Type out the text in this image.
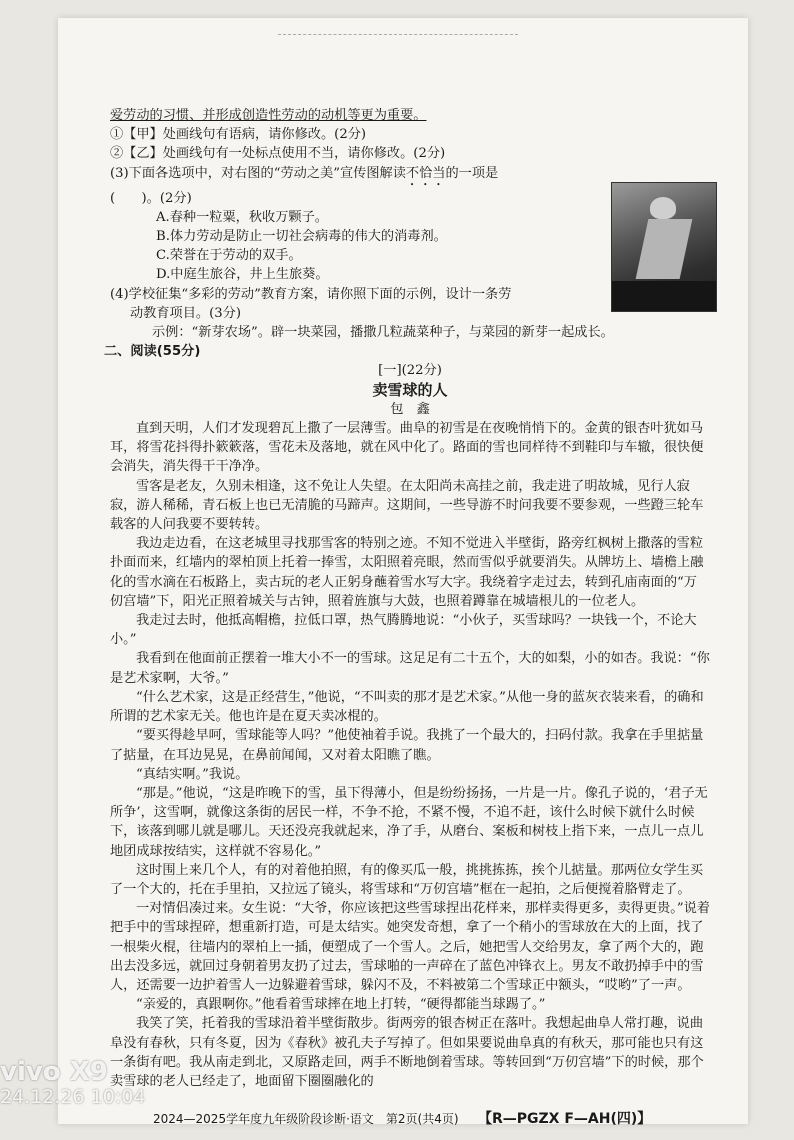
爱劳动的习惯、并形成创造性劳动的动机等更为重要。

①【甲】处画线句有语病，请你修改。(2分)

②【乙】处画线句有一处标点使用不当，请你修改。(2分)

(3)下面各选项中，对右图的“劳动之美”宣传图解读不恰当的一项是

(　　)。(2分)

A.春种一粒粟，秋收万颗子。

B.体力劳动是防止一切社会病毒的伟大的消毒剂。

C.荣誉在于劳动的双手。

D.中庭生旅谷，井上生旅葵。

(4)学校征集“多彩的劳动”教育方案，请你照下面的示例，设计一条劳

动教育项目。(3分)

示例：“新芽农场”。辟一块菜园，播撒几粒蔬菜种子，与菜园的新芽一起成长。

二、阅读(55分)

[一](22分)

卖雪球的人

包　鑫

直到天明，人们才发现碧瓦上撒了一层薄雪。曲阜的初雪是在夜晚悄悄下的。金黄的银杏叶犹如马耳，将雪花抖得扑簌簌落，雪花未及落地，就在风中化了。路面的雪也同样待不到鞋印与车辙，很快便会消失，消失得干干净净。

雪客是老友，久别未相逢，这不免让人失望。在太阳尚未高挂之前，我走进了明故城，见行人寂寂，游人稀稀，青石板上也已无清脆的马蹄声。这期间，一些导游不时问我要不要参观，一些蹬三轮车载客的人问我要不要转转。

我边走边看，在这老城里寻找那雪客的特别之迹。不知不觉进入半壁街，路旁红枫树上撒落的雪粒扑面而来，红墙内的翠柏顶上托着一捧雪，太阳照着亮眼，然而雪似乎就要消失。从牌坊上、墙檐上融化的雪水滴在石板路上，卖古玩的老人正躬身蘸着雪水写大字。我绕着字走过去，转到孔庙南面的“万仞宫墙”下，阳光正照着城关与古钟，照着旌旗与大鼓，也照着蹲靠在城墙根儿的一位老人。

我走过去时，他抵高帽檐，拉低口罩，热气腾腾地说：“小伙子，买雪球吗？一块钱一个，不论大小。”

我看到在他面前正摆着一堆大小不一的雪球。这足足有二十五个，大的如梨，小的如杏。我说：“你是艺术家啊，大爷。”

“什么艺术家，这是正经营生，”他说，“不叫卖的那才是艺术家。”从他一身的蓝灰衣装来看，的确和所谓的艺术家无关。他也许是在夏天卖冰棍的。

“要买得趁早呵，雪球能等人吗？”他使袖着手说。我挑了一个最大的，扫码付款。我拿在手里掂量了掂量，在耳边晃晃，在鼻前闻闻，又对着太阳瞧了瞧。

“真结实啊。”我说。

“那是。”他说，“这是昨晚下的雪，虽下得薄小，但是纷纷扬扬，一片是一片。像孔子说的，‘君子无所争’，这雪啊，就像这条街的居民一样，不争不抢，不紧不慢，不追不赶，该什么时候下就什么时候下，该落到哪儿就是哪儿。天还没亮我就起来，净了手，从磨台、案板和树枝上指下来，一点儿一点儿地团成球按结实，这样就不容易化。”

这时围上来几个人，有的对着他拍照，有的像买瓜一般，挑挑拣拣，挨个儿掂量。那两位女学生买了一个大的，托在手里拍，又拉远了镜头，将雪球和“万仞宫墙”框在一起拍，之后便搅着胳臂走了。

一对情侣凑过来。女生说：“大爷，你应该把这些雪球捏出花样来，那样卖得更多，卖得更贵。”说着把手中的雪球捏碎，想重新打造，可是太结实。她突发奇想，拿了一个稍小的雪球放在大的上面，找了一根柴火棍，往墙内的翠柏上一插，便塑成了一个雪人。之后，她把雪人交给男友，拿了两个大的，跑出去没多远，就回过身朝着男友扔了过去，雪球啪的一声碎在了蓝色冲锋衣上。男友不敢扔掉手中的雪人，还需要一边护着雪人一边躲避着雪球，躲闪不及，不料被第二个雪球正中额头，“哎哟”了一声。

“亲爱的，真跟啊你。”他看着雪球摔在地上打转，“硬得都能当球踢了。”

我笑了笑，托着我的雪球沿着半壁街散步。街两旁的银杏树正在落叶。我想起曲阜人常打趣，说曲阜没有春秋，只有冬夏，因为《春秋》被孔夫子写掉了。但如果要说曲阜真的有秋天，那可能也只有这一条街有吧。我从南走到北，又原路走回，两手不断地倒着雪球。等转回到“万仞宫墙”下的时候，那个卖雪球的老人已经走了，地面留下圈圈融化的

2024—2025学年度九年级阶段诊断·语文　第2页(共4页) 【R—PGZX F—AH(四)】
vivo X9
24.12.26 10:04
